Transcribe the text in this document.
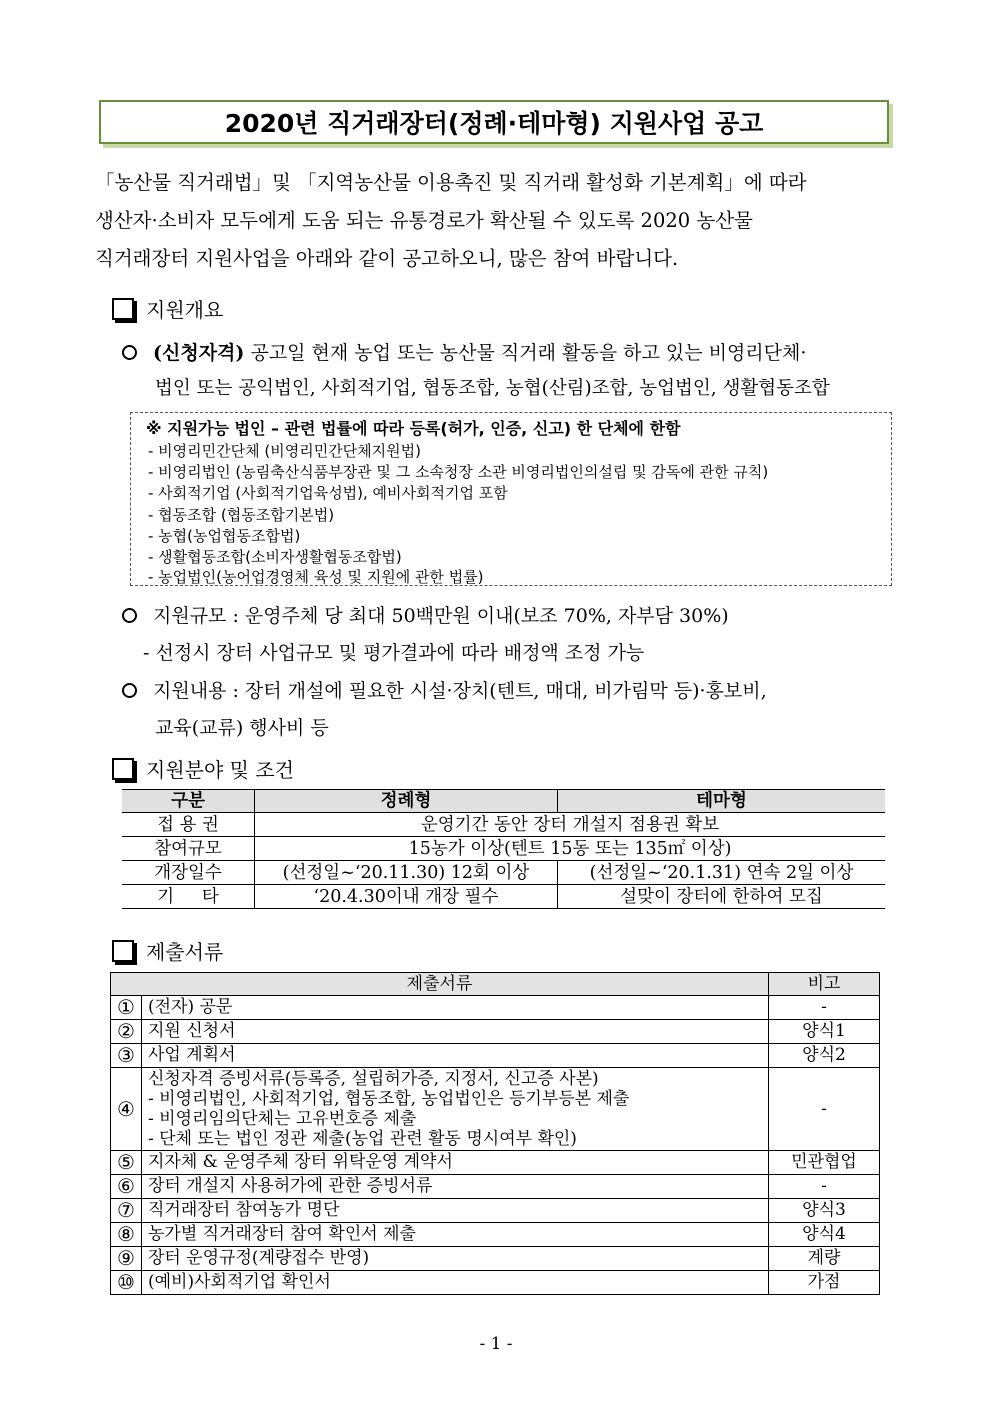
2020년 직거래장터(정례·테마형) 지원사업 공고

「농산물 직거래법」및 「지역농산물 이용촉진 및 직거래 활성화 기본계획」에 따라

생산자·소비자 모두에게 도움 되는 유통경로가 확산될 수 있도록 2020 농산물

직거래장터 지원사업을 아래와 같이 공고하오니, 많은 참여 바랍니다.

지원개요
(신청자격) 공고일 현재 농업 또는 농산물 직거래 활동을 하고 있는 비영리단체·
법인 또는 공익법인, 사회적기업, 협동조합, 농협(산림)조합, 농업법인, 생활협동조합
※ 지원가능 법인 – 관련 법률에 따라 등록(허가, 인증, 신고) 한 단체에 한함
- 비영리민간단체 (비영리민간단체지원법)
- 비영리법인 (농림축산식품부장관 및 그 소속청장 소관 비영리법인의설립 및 감독에 관한 규칙)
- 사회적기업 (사회적기업육성법), 예비사회적기업 포함
- 협동조합 (협동조합기본법)
- 농협(농업협동조합법)
- 생활협동조합(소비자생활협동조합법)
- 농업법인(농어업경영체 육성 및 지원에 관한 법률)
지원규모 : 운영주체 당 최대 50백만원 이내(보조 70%, 자부담 30%)
- 선정시 장터 사업규모 및 평가결과에 따라 배정액 조정 가능
지원내용 : 장터 개설에 필요한 시설·장치(텐트, 매대, 비가림막 등)·홍보비,
교육(교류) 행사비 등
지원분야 및 조건
구분	정례형	테마형
접 용 권	운영기간 동안 장터 개설지 점용권 확보	
참여규모	15농가 이상(텐트 15동 또는 135㎡ 이상)	
개장일수	(선정일~‘20.11.30) 12회 이상	(선정일~‘20.1.31) 연속 2일 이상
기     타	‘20.4.30이내 개장 필수	설맞이 장터에 한하여 모집
제출서류
제출서류		비고
①	(전자) 공문	-
②	지원 신청서	양식1
③	사업 계획서	양식2
④	신청자격 증빙서류(등록증, 설립허가증, 지정서, 신고증 사본)
- 비영리법인, 사회적기업, 협동조합, 농업법인은 등기부등본 제출
- 비영리임의단체는 고유번호증 제출
- 단체 또는 법인 정관 제출(농업 관련 활동 명시여부 확인)	-
⑤	지자체 & 운영주체 장터 위탁운영 계약서	민관협업
⑥	장터 개설지 사용허가에 관한 증빙서류	-
⑦	직거래장터 참여농가 명단	양식3
⑧	농가별 직거래장터 참여 확인서 제출	양식4
⑨	장터 운영규정(계량접수 반영)	계량
⑩	(예비)사회적기업 확인서	가점
- 1 -
